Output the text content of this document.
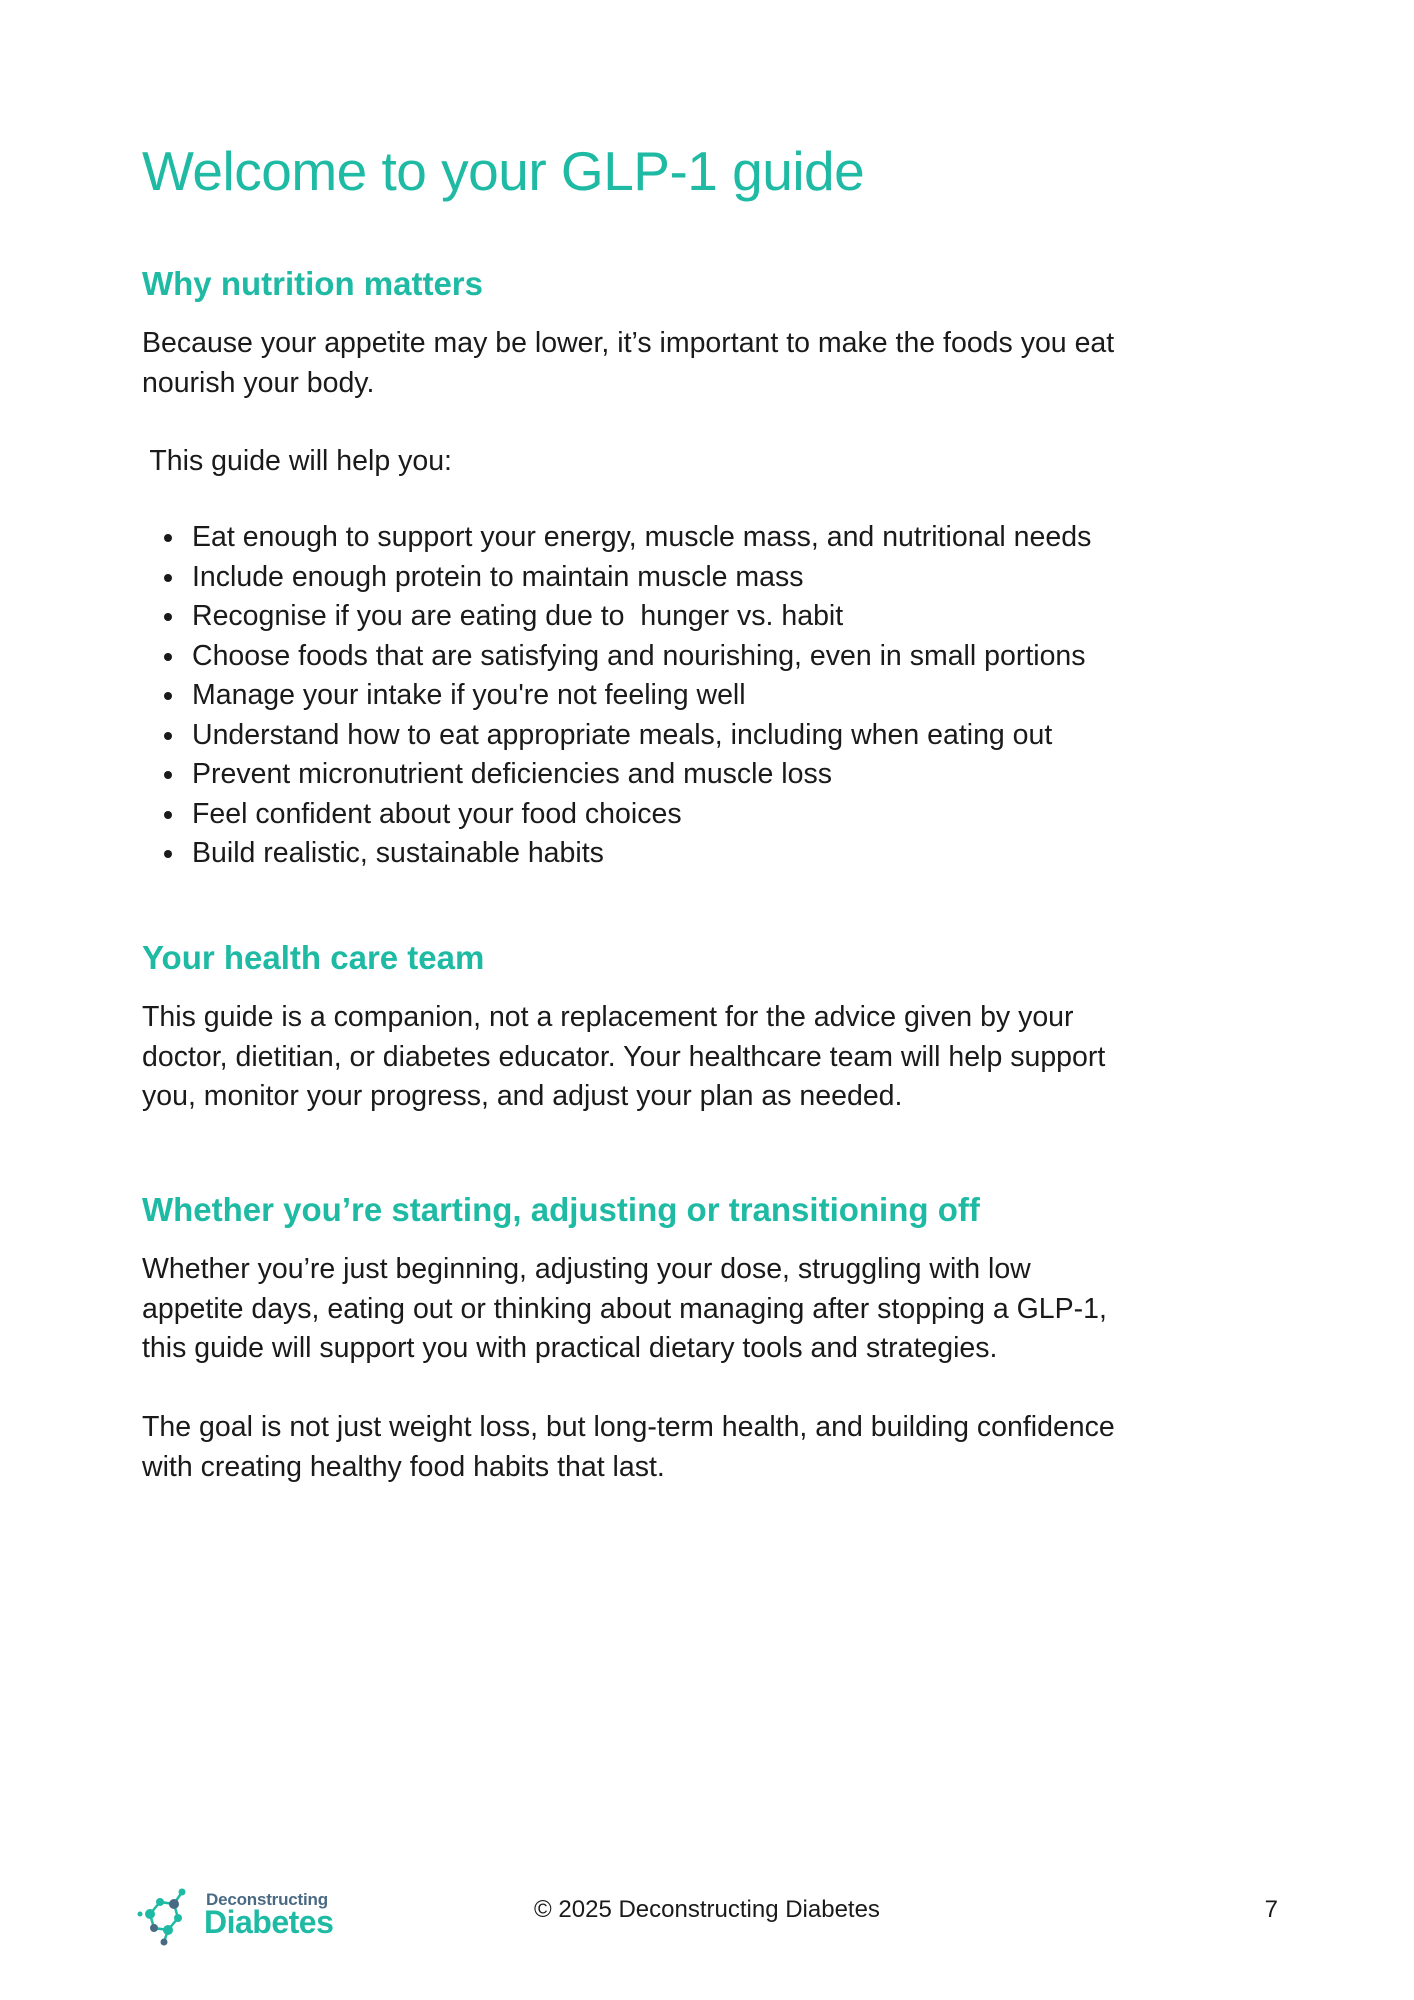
Welcome to your GLP-1 guide
Why nutrition matters

Because your appetite may be lower, it’s important to make the foods you eat
nourish your body.

This guide will help you:

Eat enough to support your energy, muscle mass, and nutritional needs
Include enough protein to maintain muscle mass
Recognise if you are eating due to  hunger vs. habit
Choose foods that are satisfying and nourishing, even in small portions
Manage your intake if you're not feeling well
Understand how to eat appropriate meals, including when eating out
Prevent micronutrient deficiencies and muscle loss
Feel confident about your food choices
Build realistic, sustainable habits
Your health care team

This guide is a companion, not a replacement for the advice given by your
doctor, dietitian, or diabetes educator. Your healthcare team will help support
you, monitor your progress, and adjust your plan as needed.

Whether you’re starting, adjusting or transitioning off

Whether you’re just beginning, adjusting your dose, struggling with low
appetite days, eating out or thinking about managing after stopping a GLP-1,
this guide will support you with practical dietary tools and strategies.

The goal is not just weight loss, but long-term health, and building confidence
with creating healthy food habits that last.

Deconstructing
Diabetes	© 2025 Deconstructing Diabetes	7
